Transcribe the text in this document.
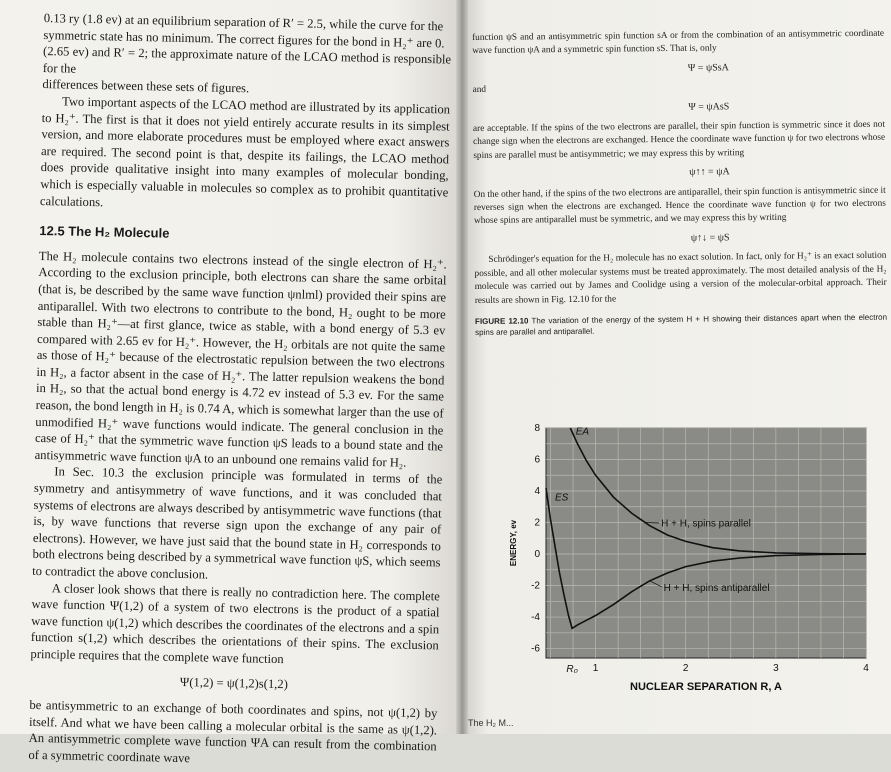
0.13 ry (1.8 ev) at an equilibrium separation of R′ = 2.5, while the curve for the

symmetric state has no minimum. The correct figures for the bond in H₂⁺ are 0.

(2.65 ev) and R′ = 2; the approximate nature of the LCAO method is responsible for the

differences between these sets of figures.

Two important aspects of the LCAO method are illustrated by its application to H₂⁺. The first is that it does not yield entirely accurate results in its simplest version, and more elaborate procedures must be employed where exact answers are required. The second point is that, despite its failings, the LCAO method does provide qualitative insight into many examples of molecular bonding, which is especially valuable in molecules so complex as to prohibit quantitative calculations.

12.5 The H₂ Molecule

The H₂ molecule contains two electrons instead of the single electron of H₂⁺. According to the exclusion principle, both electrons can share the same orbital (that is, be described by the same wave function ψnlml) provided their spins are antiparallel. With two electrons to contribute to the bond, H₂ ought to be more stable than H₂⁺—at first glance, twice as stable, with a bond energy of 5.3 ev compared with 2.65 ev for H₂⁺. However, the H₂ orbitals are not quite the same as those of H₂⁺ because of the electrostatic repulsion between the two electrons in H₂, a factor absent in the case of H₂⁺. The latter repulsion weakens the bond in H₂, so that the actual bond energy is 4.72 ev instead of 5.3 ev. For the same reason, the bond length in H₂ is 0.74 A, which is somewhat larger than the use of unmodified H₂⁺ wave functions would indicate. The general conclusion in the case of H₂⁺ that the symmetric wave function ψS leads to a bound state and the antisymmetric wave function ψA to an unbound one remains valid for H₂.

In Sec. 10.3 the exclusion principle was formulated in terms of the symmetry and antisymmetry of wave functions, and it was concluded that systems of electrons are always described by antisymmetric wave functions (that is, by wave functions that reverse sign upon the exchange of any pair of electrons). However, we have just said that the bound state in H₂ corresponds to both electrons being described by a symmetrical wave function ψS, which seems to contradict the above conclusion.

A closer look shows that there is really no contradiction here. The complete wave function Ψ(1,2) of a system of two electrons is the product of a spatial wave function ψ(1,2) which describes the coordinates of the electrons and a spin function s(1,2) which describes the orientations of their spins. The exclusion principle requires that the complete wave function

Ψ(1,2) = ψ(1,2)s(1,2)

be antisymmetric to an exchange of both coordinates and spins, not ψ(1,2) by itself. And what we have been calling a molecular orbital is the same as ψ(1,2). An antisymmetric complete wave function ΨA can result from the combination of a symmetric coordinate wave

function ψS and an antisymmetric spin function sA or from the combination of an antisymmetric coordinate wave function ψA and a symmetric spin function sS. That is, only

Ψ = ψSsA

and

Ψ = ψAsS

are acceptable. If the spins of the two electrons are parallel, their spin function is symmetric since it does not change sign when the electrons are exchanged. Hence the coordinate wave function ψ for two electrons whose spins are parallel must be antisymmetric; we may express this by writing

ψ↑↑ = ψA

On the other hand, if the spins of the two electrons are antiparallel, their spin function is antisymmetric since it reverses sign when the electrons are exchanged. Hence the coordinate wave function ψ for two electrons whose spins are antiparallel must be symmetric, and we may express this by writing

ψ↑↓ = ψS

Schrödinger's equation for the H₂ molecule has no exact solution. In fact, only for H₂⁺ is an exact solution possible, and all other molecular systems must be treated approximately. The most detailed analysis of the H₂ molecule was carried out by James and Coolidge using a version of the molecular-orbital approach. Their results are shown in Fig. 12.10 for the

FIGURE 12.10 The variation of the energy of the system H + H showing their distances apart when the electron spins are parallel and antiparallel.

H + H, spins parallel
EA
H + H, spins antiparallel
ES
8
6
4
2
0
-2
-4
-6
1	2	3	4
R₀
ENERGY, ev
NUCLEAR SEPARATION R, A
The H₂ M...
